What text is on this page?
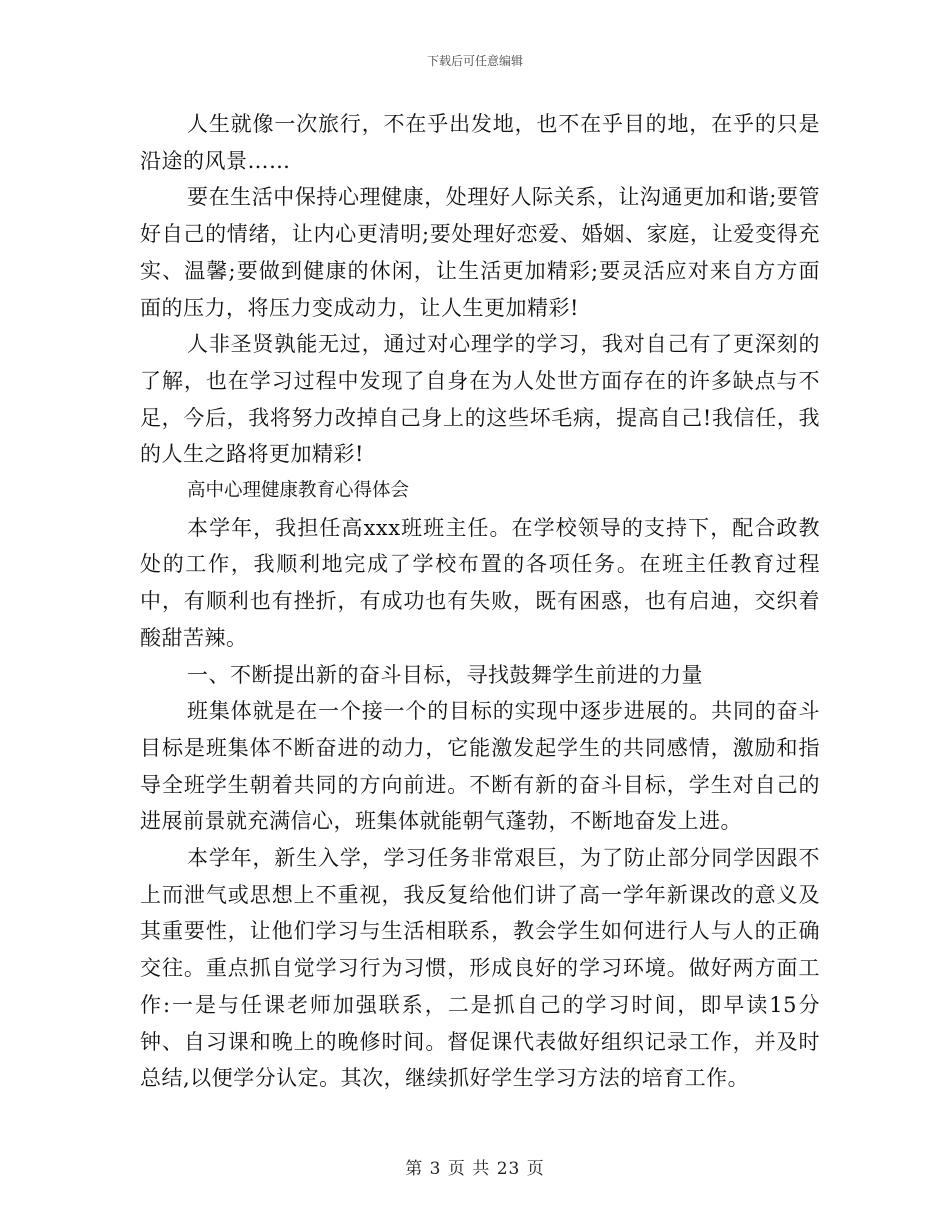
下载后可任意编辑

人生就像一次旅行，不在乎出发地，也不在乎目的地，在乎的只是沿途的风景……

要在生活中保持心理健康，处理好人际关系，让沟通更加和谐;要管好自己的情绪，让内心更清明;要处理好恋爱、婚姻、家庭，让爱变得充实、温馨;要做到健康的休闲，让生活更加精彩;要灵活应对来自方方面面的压力，将压力变成动力，让人生更加精彩!

人非圣贤孰能无过，通过对心理学的学习，我对自己有了更深刻的了解，也在学习过程中发现了自身在为人处世方面存在的许多缺点与不足，今后，我将努力改掉自己身上的这些坏毛病，提高自己!我信任，我的人生之路将更加精彩!

高中心理健康教育心得体会

本学年，我担任高xxx班班主任。在学校领导的支持下，配合政教处的工作，我顺利地完成了学校布置的各项任务。在班主任教育过程中，有顺利也有挫折，有成功也有失败，既有困惑，也有启迪，交织着酸甜苦辣。

一、不断提出新的奋斗目标，寻找鼓舞学生前进的力量

班集体就是在一个接一个的目标的实现中逐步进展的。共同的奋斗目标是班集体不断奋进的动力，它能激发起学生的共同感情，激励和指导全班学生朝着共同的方向前进。不断有新的奋斗目标，学生对自己的进展前景就充满信心，班集体就能朝气蓬勃，不断地奋发上进。

本学年，新生入学，学习任务非常艰巨，为了防止部分同学因跟不上而泄气或思想上不重视，我反复给他们讲了高一学年新课改的意义及其重要性，让他们学习与生活相联系，教会学生如何进行人与人的正确交往。重点抓自觉学习行为习惯，形成良好的学习环境。做好两方面工作:一是与任课老师加强联系，二是抓自己的学习时间，即早读15分钟、自习课和晚上的晚修时间。督促课代表做好组织记录工作，并及时总结,以便学分认定。其次，继续抓好学生学习方法的培育工作。

第 3 页 共 23 页
